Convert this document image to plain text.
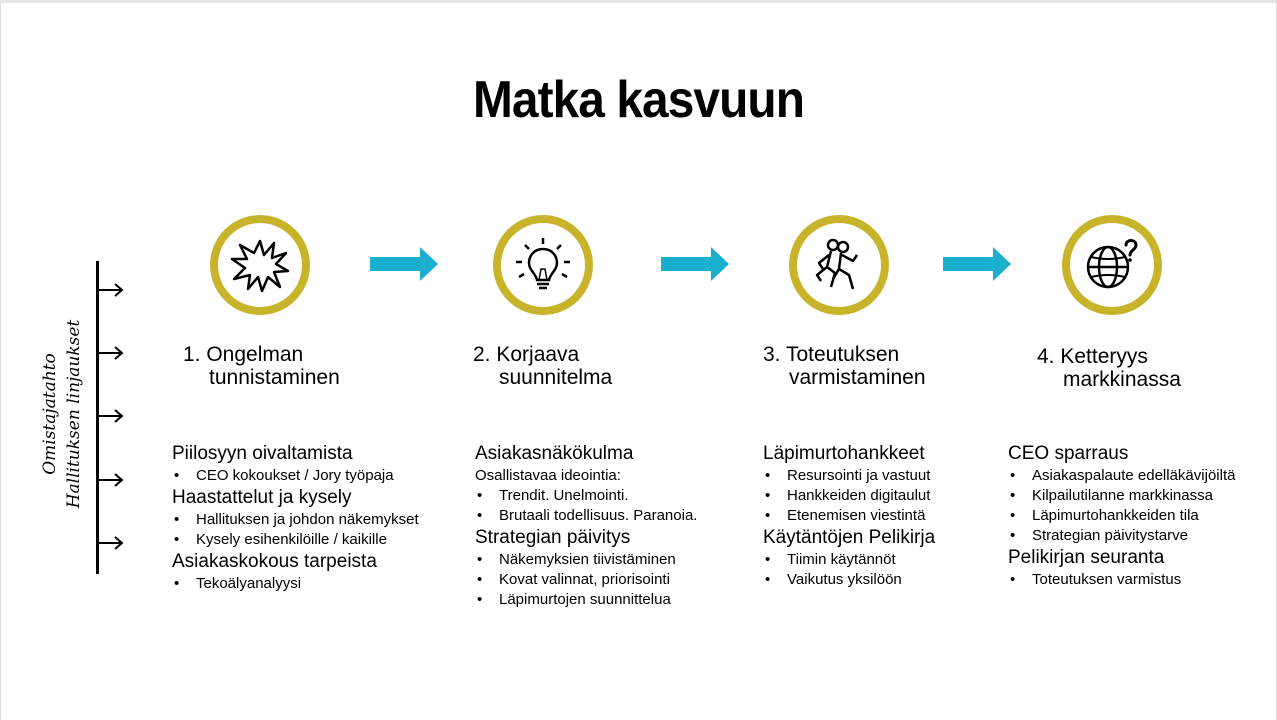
Matka kasvuun
1. Ongelman
tunnistaminen
2. Korjaava
suunnitelma
3. Toteutuksen
varmistaminen
4. Ketteryys
markkinassa
Omistajatahto Hallituksen linjaukset	Piilosyyn oivaltamista
• CEO kokoukset / Jory työpaja
Haastattelut ja kysely
• Hallituksen ja johdon näkemykset
• Kysely esihenkilöille / kaikille
Asiakaskokous tarpeista
• Tekoälyanalyysi
Asiakasnäkökulma
Osallistavaa ideointia:
• Trendit. Unelmointi.
• Brutaali todellisuus. Paranoia.
Strategian päivitys
• Näkemyksien tiivistäminen
• Kovat valinnat, priorisointi
• Läpimurtojen suunnittelua
Läpimurtohankkeet
• Resursointi ja vastuut
• Hankkeiden digitaulut
• Etenemisen viestintä
Käytäntöjen Pelikirja
• Tiimin käytännöt
• Vaikutus yksilöön
CEO sparraus
• Asiakaspalaute edelläkävijöiltä
• Kilpailutilanne markkinassa
• Läpimurtohankkeiden tila
• Strategian päivitystarve
Pelikirjan seuranta
• Toteutuksen varmistus
